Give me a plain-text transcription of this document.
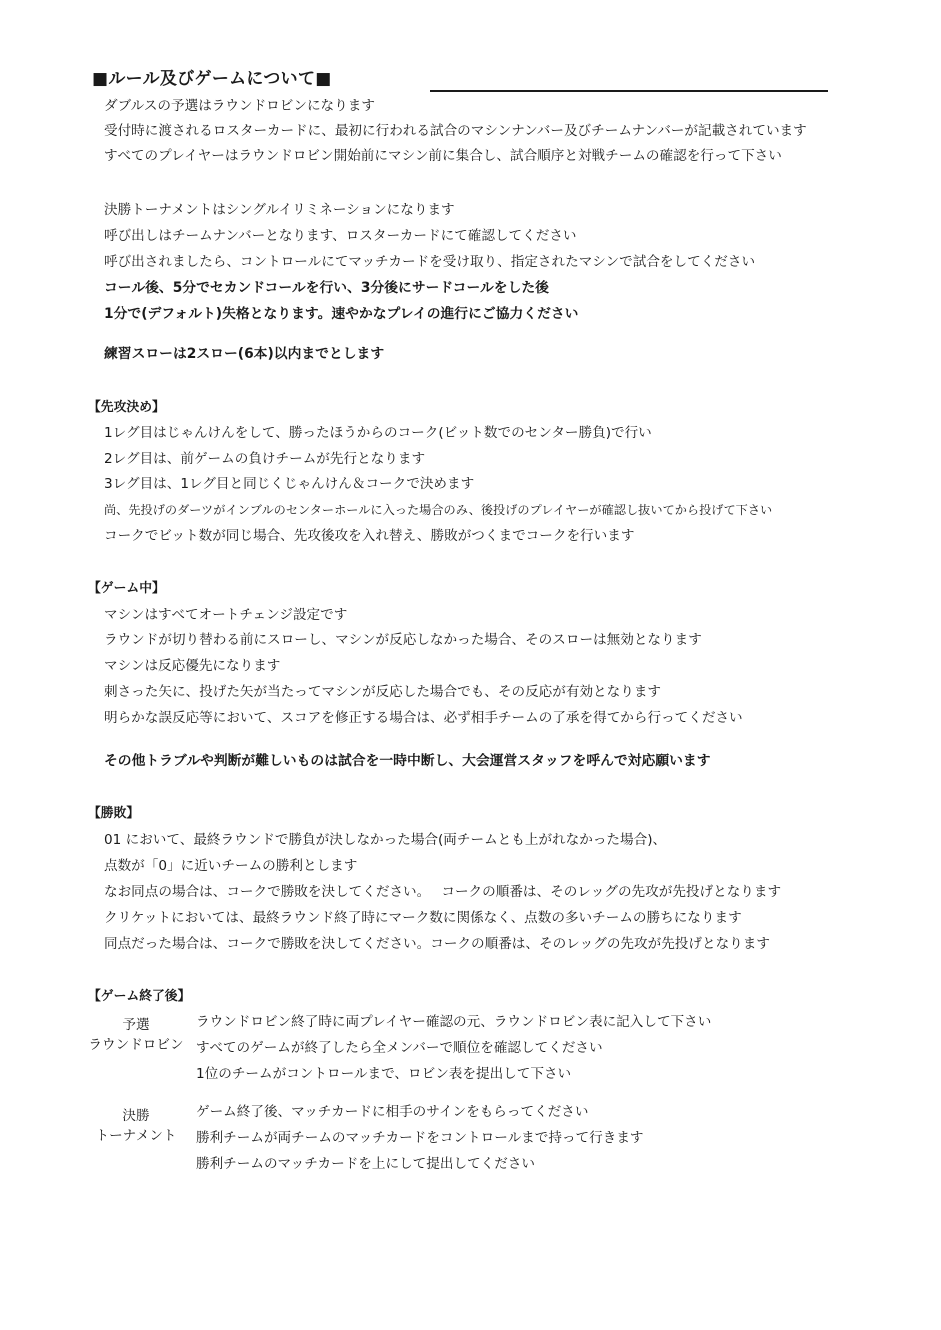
■ルール及びゲームについて■
ダブルスの予選はラウンドロビンになります
受付時に渡されるロスターカードに、最初に行われる試合のマシンナンバー及びチームナンバーが記載されています
すべてのプレイヤーはラウンドロビン開始前にマシン前に集合し、試合順序と対戦チームの確認を行って下さい
決勝トーナメントはシングルイリミネーションになります
呼び出しはチームナンバーとなります、ロスターカードにて確認してください
呼び出されましたら、コントロールにてマッチカードを受け取り、指定されたマシンで試合をしてください
コール後、5分でセカンドコールを行い、3分後にサードコールをした後
1分で(デフォルト)失格となります。速やかなプレイの進行にご協力ください
練習スローは2スロー(6本)以内までとします
【先攻決め】
1レグ目はじゃんけんをして、勝ったほうからのコーク(ビット数でのセンター勝負)で行い
2レグ目は、前ゲームの負けチームが先行となります
3レグ目は、1レグ目と同じくじゃんけん＆コークで決めます
尚、先投げのダーツがインブルのセンターホールに入った場合のみ、後投げのプレイヤーが確認し抜いてから投げて下さい
コークでビット数が同じ場合、先攻後攻を入れ替え、勝敗がつくまでコークを行います
【ゲーム中】
マシンはすべてオートチェンジ設定です
ラウンドが切り替わる前にスローし、マシンが反応しなかった場合、そのスローは無効となります
マシンは反応優先になります
刺さった矢に、投げた矢が当たってマシンが反応した場合でも、その反応が有効となります
明らかな誤反応等において、スコアを修正する場合は、必ず相手チームの了承を得てから行ってください
その他トラブルや判断が難しいものは試合を一時中断し、大会運営スタッフを呼んで対応願います
【勝敗】
01 において、最終ラウンドで勝負が決しなかった場合(両チームとも上がれなかった場合)、
点数が「0」に近いチームの勝利とします
なお同点の場合は、コークで勝敗を決してください。　 コークの順番は、そのレッグの先攻が先投げとなります
クリケットにおいては、最終ラウンド終了時にマーク数に関係なく、点数の多いチームの勝ちになります
同点だった場合は、コークで勝敗を決してください。コークの順番は、そのレッグの先攻が先投げとなります
【ゲーム終了後】
予選
ラウンドロビン
ラウンドロビン終了時に両プレイヤー確認の元、ラウンドロビン表に記入して下さい
すべてのゲームが終了したら全メンバーで順位を確認してください
1位のチームがコントロールまで、ロビン表を提出して下さい
決勝
トーナメント
ゲーム終了後、マッチカードに相手のサインをもらってください
勝利チームが両チームのマッチカードをコントロールまで持って行きます
勝利チームのマッチカードを上にして提出してください
